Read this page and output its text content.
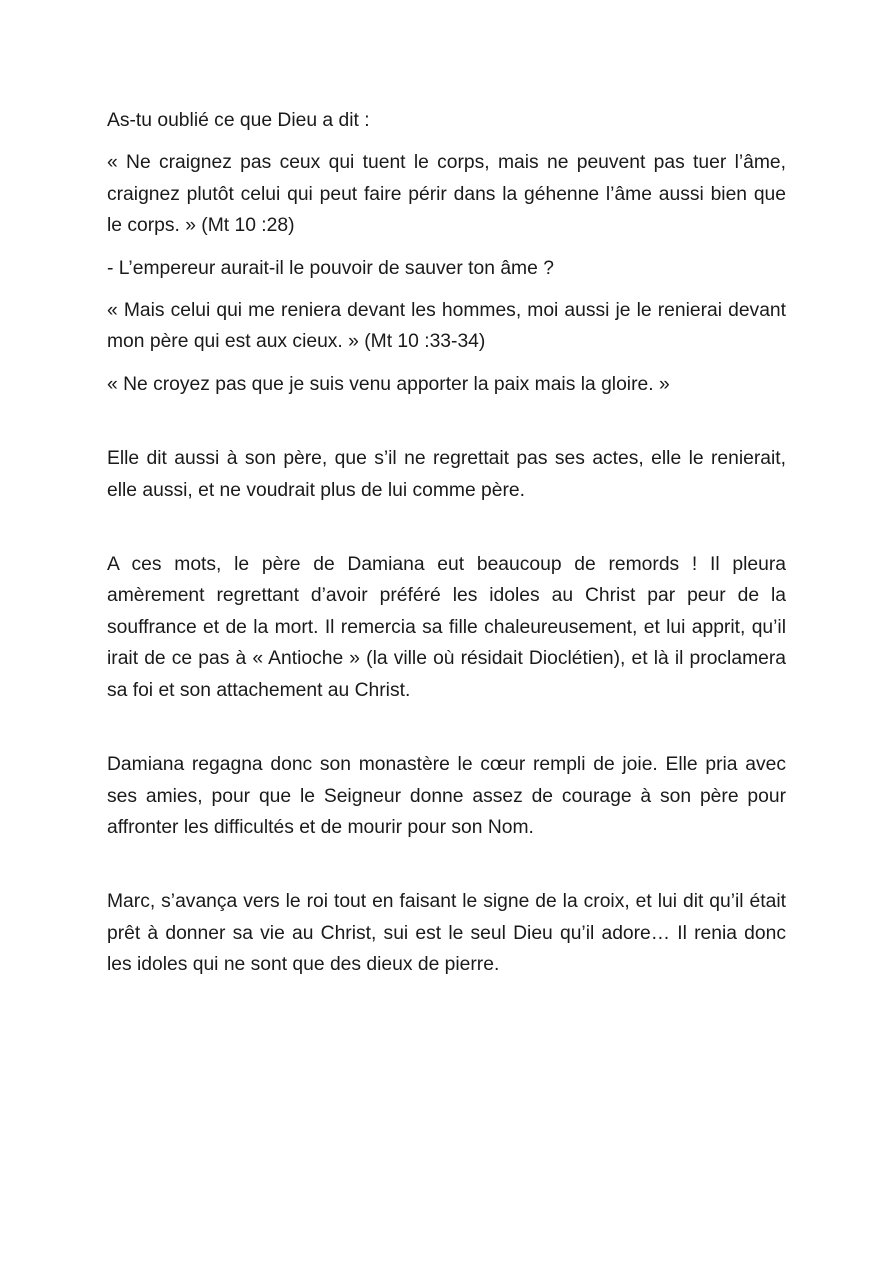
As-tu oublié ce que Dieu a dit :

« Ne craignez pas ceux qui tuent le corps, mais ne peuvent pas tuer l’âme, craignez plutôt celui qui peut faire périr dans la géhenne l’âme aussi bien que le corps. » (Mt 10 :28)

- L’empereur aurait-il le pouvoir de sauver ton âme ?

« Mais celui qui me reniera devant les hommes, moi aussi je le renierai devant mon père qui est aux cieux. » (Mt 10 :33-34)

« Ne croyez pas que je suis venu apporter la paix mais la gloire. »

Elle dit aussi à son père, que s’il ne regrettait pas ses actes, elle le renierait, elle aussi, et ne voudrait plus de lui comme père.

A ces mots, le père de Damiana eut beaucoup de remords ! Il pleura amèrement regrettant d’avoir préféré les idoles au Christ par peur de la souffrance et de la mort. Il remercia sa fille chaleureusement, et lui apprit, qu’il irait de ce pas à « Antioche » (la ville où résidait Dioclétien), et là il proclamera sa foi et son attachement au Christ.

Damiana regagna donc son monastère le cœur rempli de joie. Elle pria avec ses amies, pour que le Seigneur donne assez de courage à son père pour affronter les difficultés et de mourir pour son Nom.

Marc, s’avança vers le roi tout en faisant le signe de la croix, et lui dit qu’il était prêt à donner sa vie au Christ, sui est le seul Dieu qu’il adore… Il renia donc les idoles qui ne sont que des dieux de pierre.
